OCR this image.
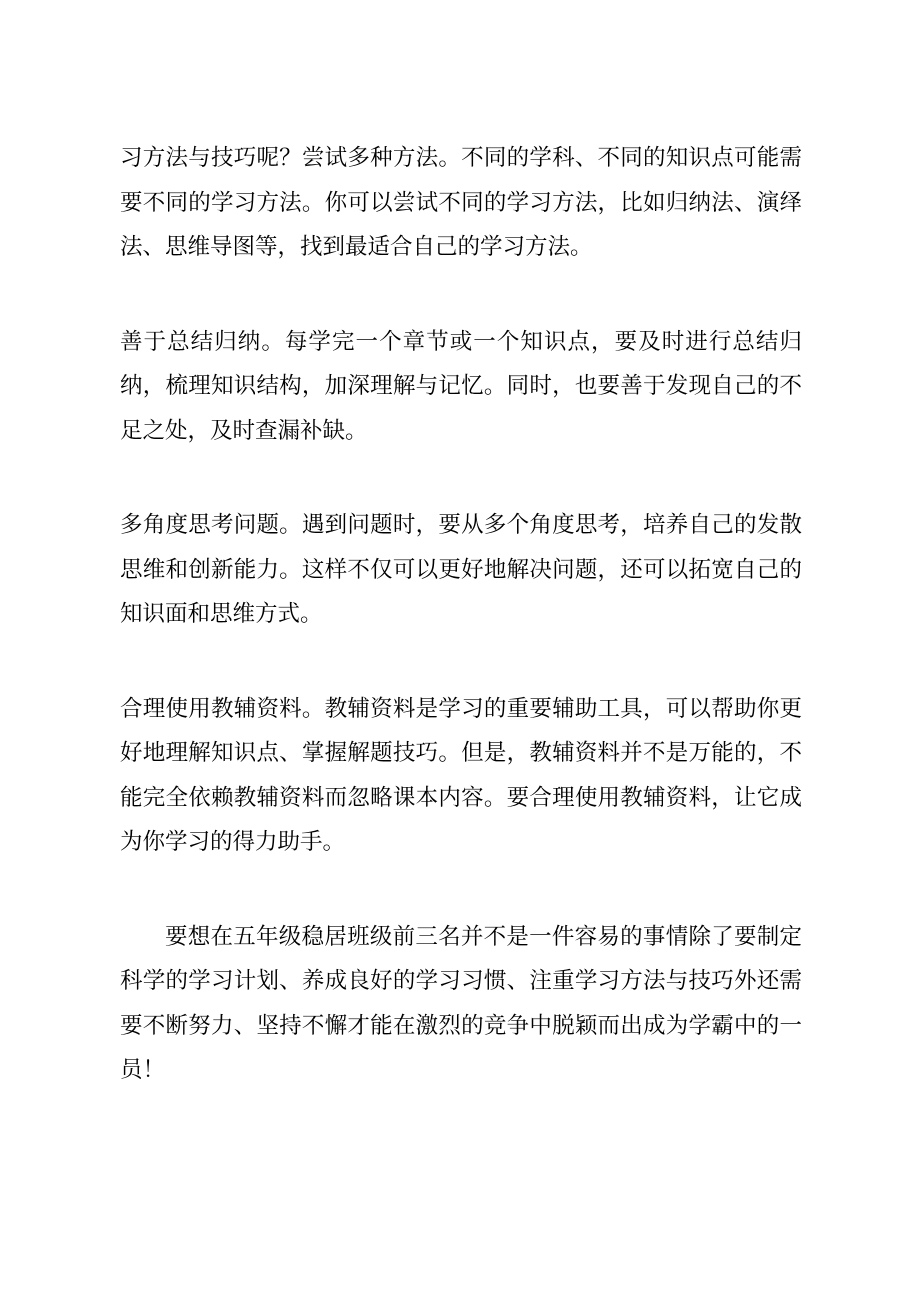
习方法与技巧呢？尝试多种方法。不同的学科、不同的知识点可能需要不同的学习方法。你可以尝试不同的学习方法，比如归纳法、演绎法、思维导图等，找到最适合自己的学习方法。

善于总结归纳。每学完一个章节或一个知识点，要及时进行总结归纳，梳理知识结构，加深理解与记忆。同时，也要善于发现自己的不足之处，及时查漏补缺。

多角度思考问题。遇到问题时，要从多个角度思考，培养自己的发散思维和创新能力。这样不仅可以更好地解决问题，还可以拓宽自己的知识面和思维方式。

合理使用教辅资料。教辅资料是学习的重要辅助工具，可以帮助你更好地理解知识点、掌握解题技巧。但是，教辅资料并不是万能的，不能完全依赖教辅资料而忽略课本内容。要合理使用教辅资料，让它成为你学习的得力助手。

要想在五年级稳居班级前三名并不是一件容易的事情除了要制定科学的学习计划、养成良好的学习习惯、注重学习方法与技巧外还需要不断努力、坚持不懈才能在激烈的竞争中脱颖而出成为学霸中的一员！
